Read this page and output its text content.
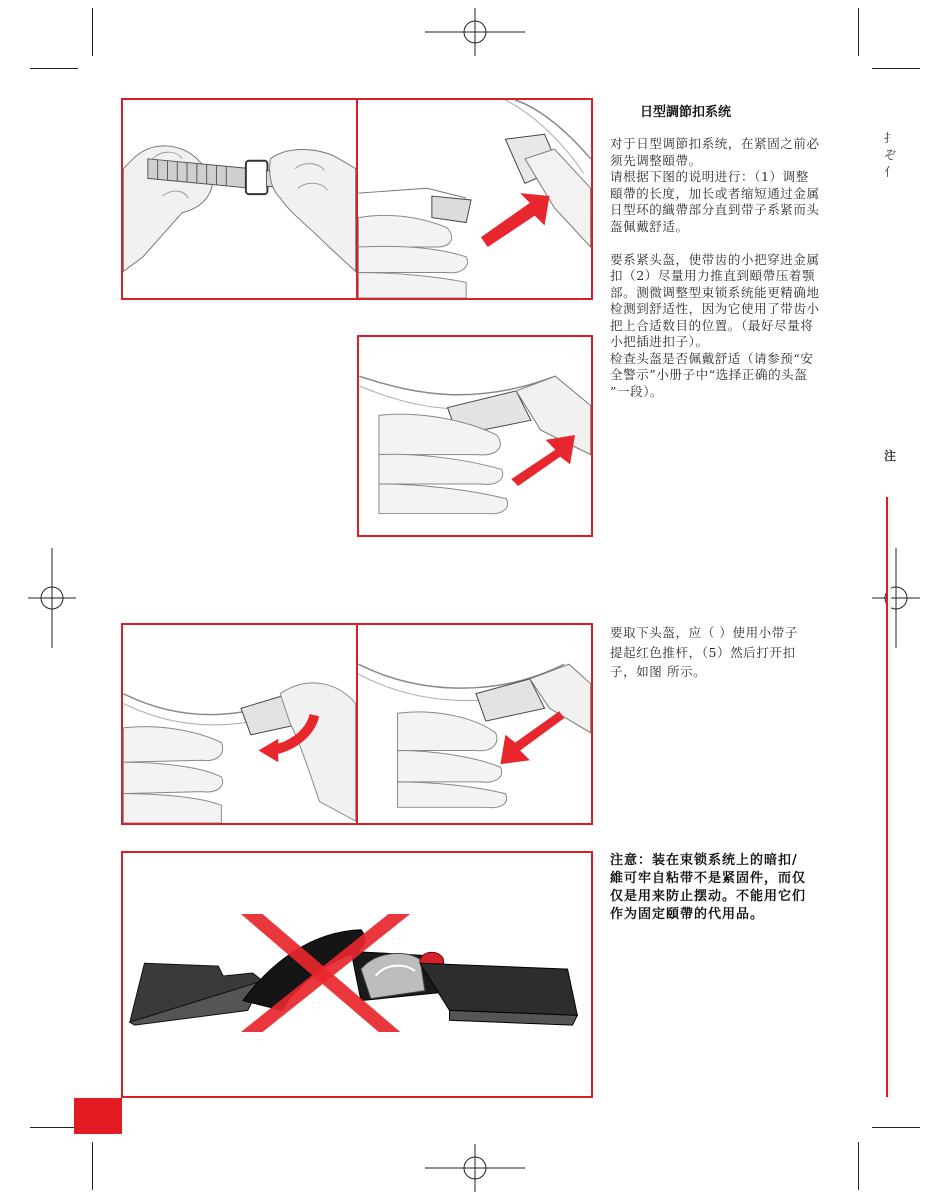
扌
ぞ
亻
注
日型調節扣系统

对于日型调節扣系统，在紧固之前必

须先调整頤帶。

请根据下图的说明进行：（1）调整

頤帶的长度，加长或者缩短通过金属

日型环的織帶部分直到带子系紧而头

盔佩戴舒适。

要系紧头盔，使带齿的小把穿进金属

扣（2）尽量用力推直到頤帶压着颚

部。测微调整型束锁系统能更精确地

检测到舒适性，因为它使用了带齿小

把上合适数目的位置。（最好尽量将

小把插进扣子）。

检查头盔是否佩戴舒适（请参预“安

全警示”小册子中“选择正确的头盔

”一段）。

要取下头盔，应（ ）使用小带子

提起红色推杆，（5）然后打开扣

子，如图 所示。

注意：装在束锁系统上的暗扣/
維可牢自粘带不是紧固件，而仅
仅是用来防止摆动。不能用它们
作为固定頤帶的代用品。
